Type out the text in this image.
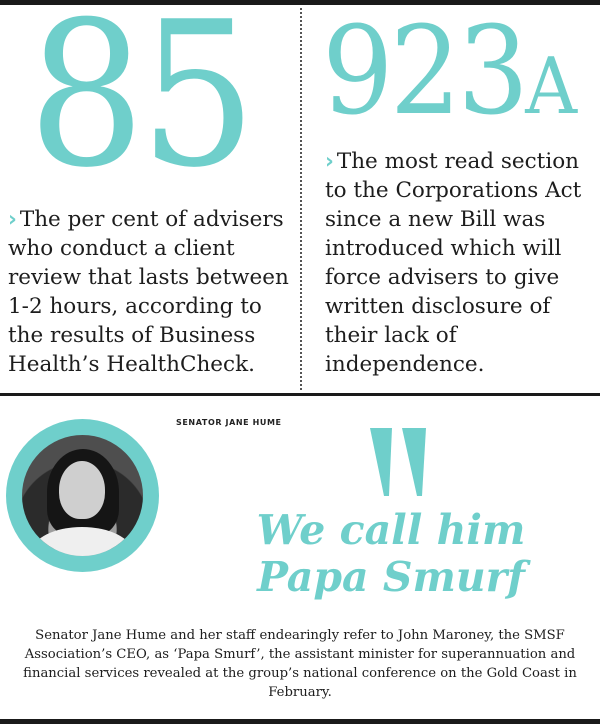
85
› The per cent of advisers who conduct a client review that lasts between 1-2 hours, according to the results of Business Health’s HealthCheck.
923A
› The most read section to the Corporations Act since a new Bill was introduced which will force advisers to give written disclosure of their lack of independence.
SENATOR JANE HUME
We call him Papa Smurf
Senator Jane Hume and her staff endearingly refer to John Maroney, the SMSF Association’s CEO, as ‘Papa Smurf’, the assistant minister for superannuation and financial services revealed at the group’s national conference on the Gold Coast in February.
